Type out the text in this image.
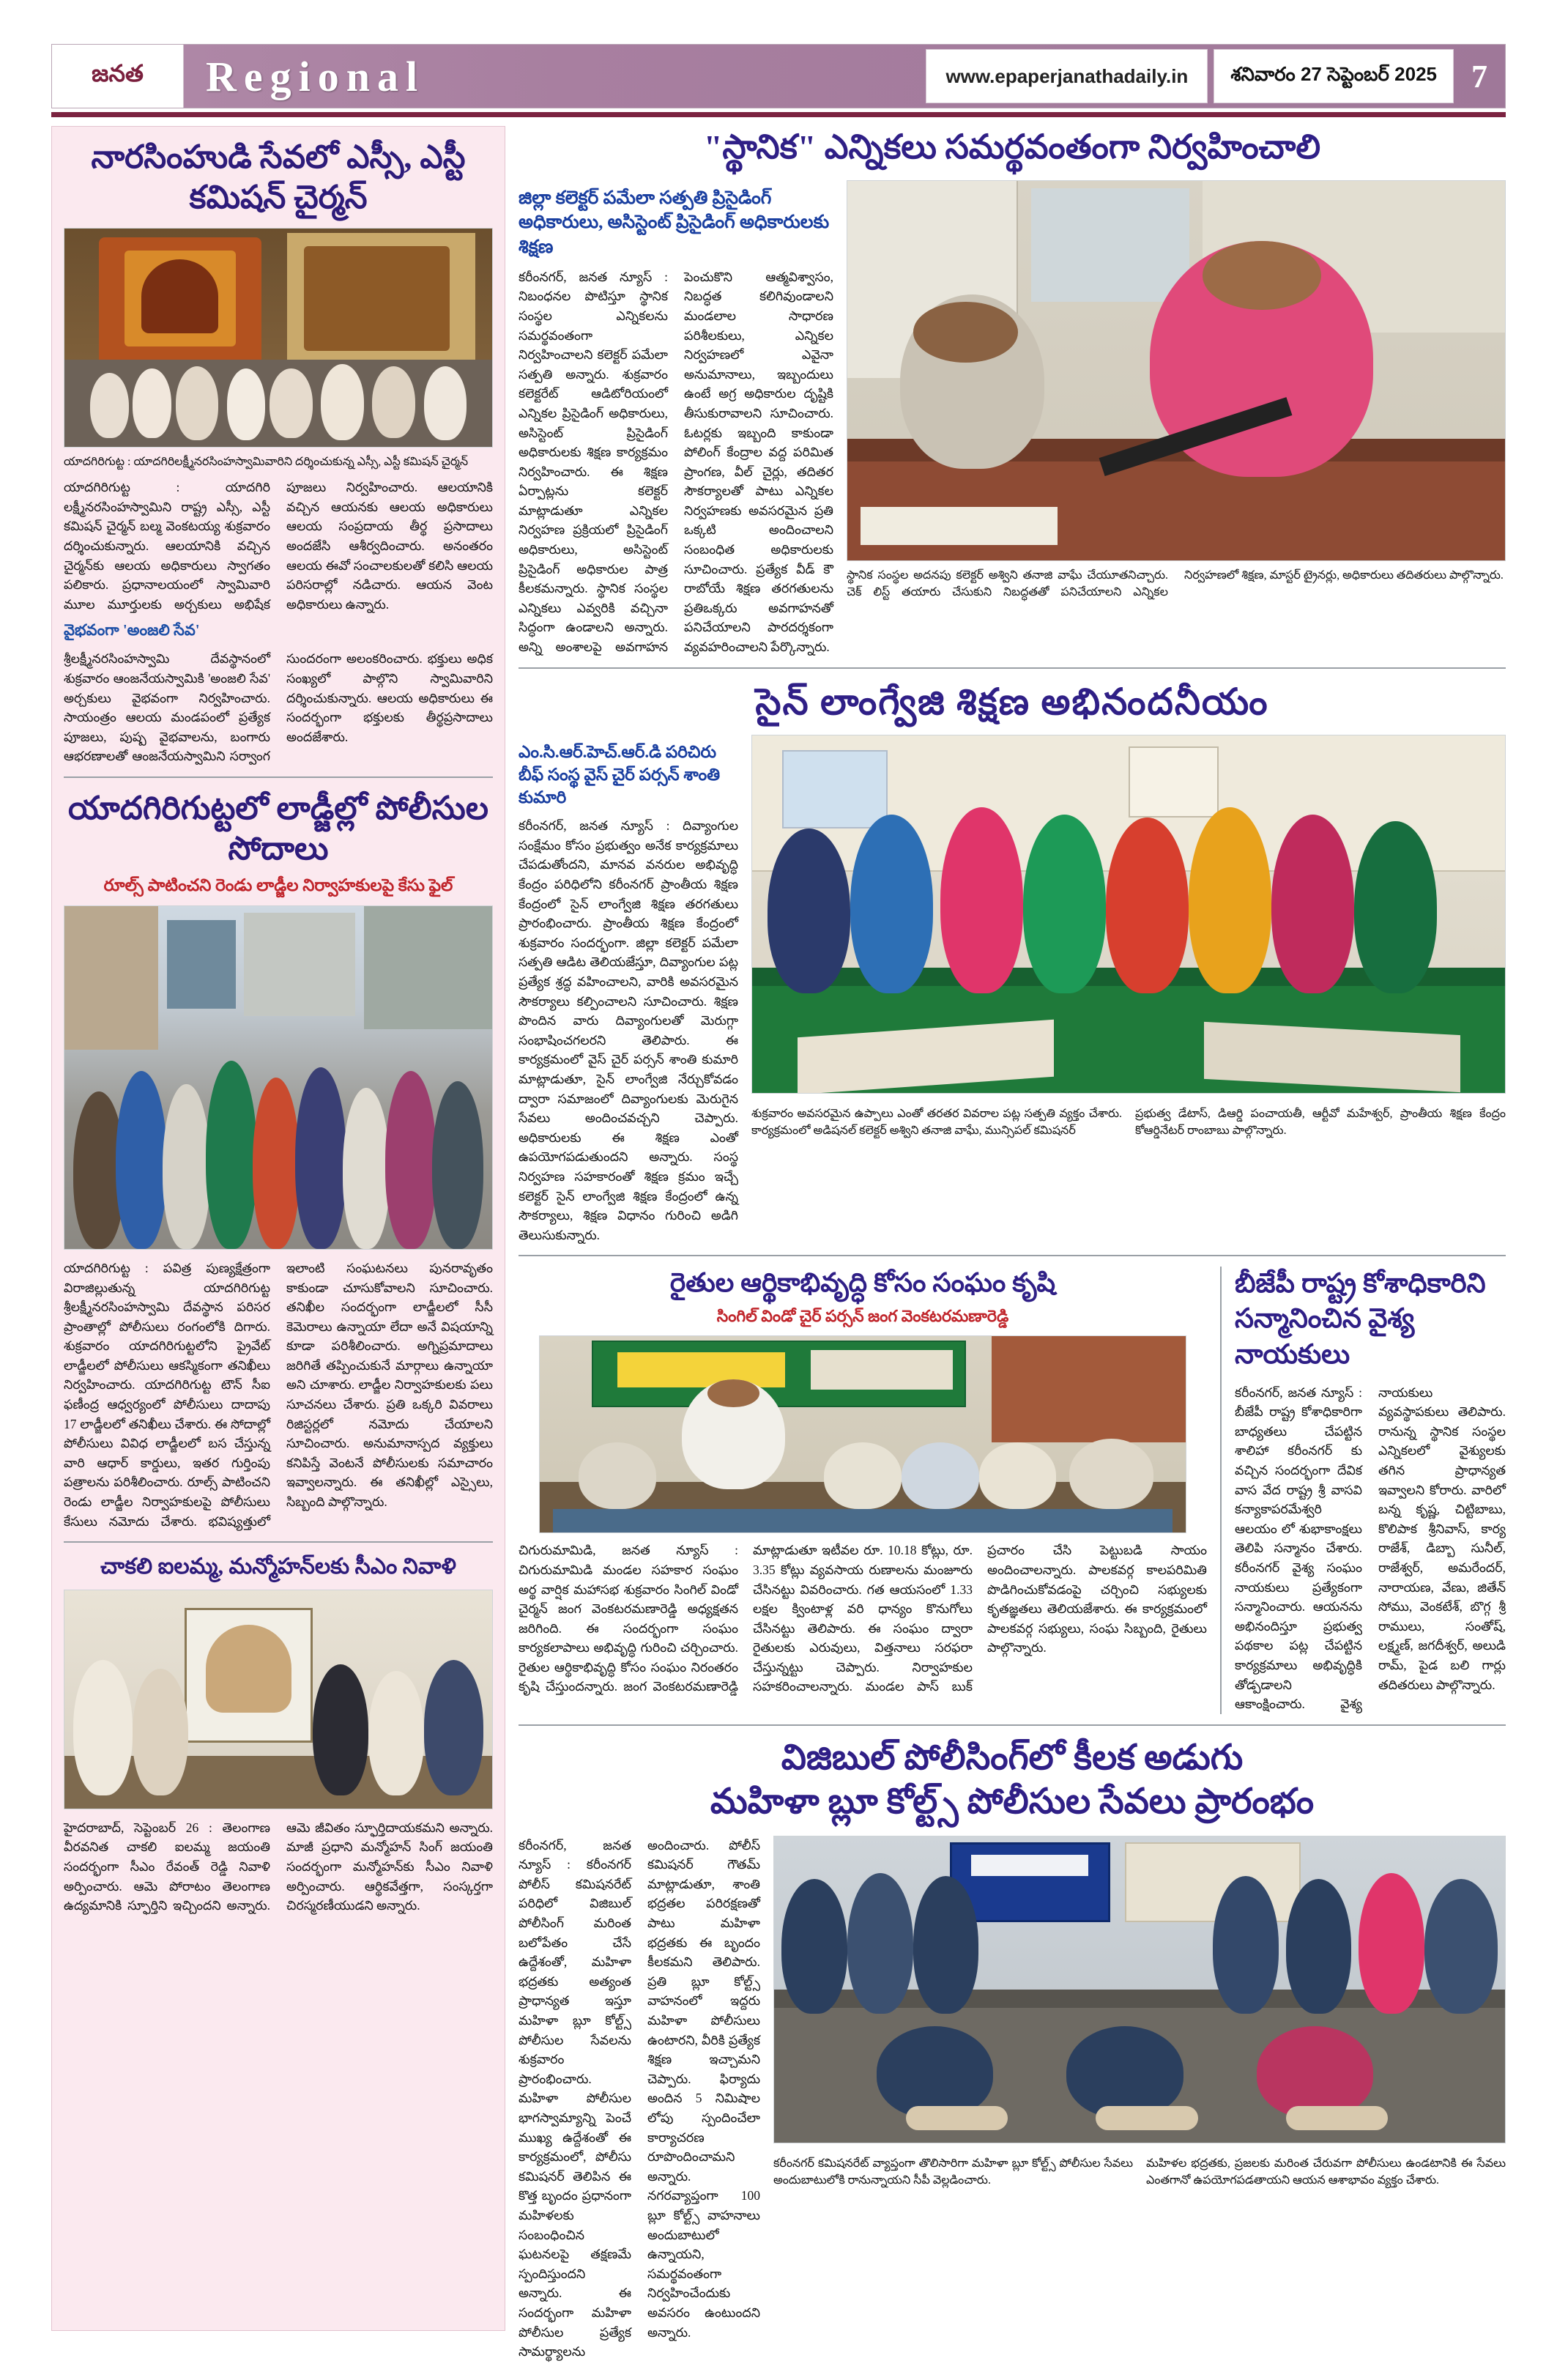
జనత Regional	www.epaperjanathadaily.in	శనివారం 27 సెప్టెంబర్ 2025	7
నారసింహుడి సేవలో ఎస్సీ, ఎస్టీ కమిషన్ చైర్మన్
యాదగిరిగుట్ట : యాదగిరిలక్ష్మీనరసింహస్వామివారిని దర్శించుకున్న ఎస్సీ, ఎస్టీ కమిషన్ చైర్మన్
యాదగిరిగుట్ట : యాదగిరి లక్ష్మీనరసింహస్వామిని రాష్ట్ర ఎస్సీ, ఎస్టీ కమిషన్ చైర్మన్ బల్మ వెంకటయ్య శుక్రవారం దర్శించుకున్నారు. ఆలయానికి వచ్చిన చైర్మన్‌కు ఆలయ అధికారులు స్వాగతం పలికారు. ప్రధానాలయంలో స్వామివారి మూల మూర్తులకు అర్చకులు అభిషేక పూజలు నిర్వహించారు. ఆలయానికి వచ్చిన ఆయనకు ఆలయ అధికారులు ఆలయ సంప్రదాయ తీర్థ ప్రసాదాలు అందజేసి ఆశీర్వదించారు. అనంతరం ఆలయ ఈవో సంచాలకులతో కలిసి ఆలయ పరిసరాల్లో నడిచారు. ఆయన వెంట అధికారులు ఉన్నారు.
వైభవంగా 'అంజలి సేవ'
శ్రీలక్ష్మీనరసింహస్వామి దేవస్థానంలో శుక్రవారం ఆంజనేయస్వామికి 'అంజలి సేవ' అర్చకులు వైభవంగా నిర్వహించారు. సాయంత్రం ఆలయ మండపంలో ప్రత్యేక పూజలు, పుష్ప వైభవాలను, బంగారు ఆభరణాలతో ఆంజనేయస్వామిని సర్వాంగ సుందరంగా అలంకరించారు. భక్తులు అధిక సంఖ్యలో పాల్గొని స్వామివారిని దర్శించుకున్నారు. ఆలయ అధికారులు ఈ సందర్భంగా భక్తులకు తీర్థప్రసాదాలు అందజేశారు.
యాదగిరిగుట్టలో లాడ్జీల్లో పోలీసుల సోదాలు
రూల్స్ పాటించని రెండు లాడ్జీల నిర్వాహకులపై కేసు ఫైల్
యాదగిరిగుట్ట : పవిత్ర పుణ్యక్షేత్రంగా విరాజిల్లుతున్న యాదగిరిగుట్ట శ్రీలక్ష్మీనరసింహస్వామి దేవస్థాన పరిసర ప్రాంతాల్లో పోలీసులు రంగంలోకి దిగారు. శుక్రవారం యాదగిరిగుట్టలోని ప్రైవేట్ లాడ్జీలలో పోలీసులు ఆకస్మికంగా తనిఖీలు నిర్వహించారు. యాదగిరిగుట్ట టౌన్ సీఐ ఫణీంద్ర ఆధ్వర్యంలో పోలీసులు దాదాపు 17 లాడ్జీలలో తనిఖీలు చేశారు. ఈ సోదాల్లో పోలీసులు వివిధ లాడ్జీలలో బస చేస్తున్న వారి ఆధార్ కార్డులు, ఇతర గుర్తింపు పత్రాలను పరిశీలించారు. రూల్స్ పాటించని రెండు లాడ్జీల నిర్వాహకులపై పోలీసులు కేసులు నమోదు చేశారు. భవిష్యత్తులో ఇలాంటి సంఘటనలు పునరావృతం కాకుండా చూసుకోవాలని సూచించారు. తనిఖీల సందర్భంగా లాడ్జీలలో సీసీ కెమెరాలు ఉన్నాయా లేదా అనే విషయాన్ని కూడా పరిశీలించారు. అగ్నిప్రమాదాలు జరిగితే తప్పించుకునే మార్గాలు ఉన్నాయా అని చూశారు. లాడ్జీల నిర్వాహకులకు పలు సూచనలు చేశారు. ప్రతి ఒక్కరి వివరాలు రిజిస్టర్లలో నమోదు చేయాలని సూచించారు. అనుమానాస్పద వ్యక్తులు కనిపిస్తే వెంటనే పోలీసులకు సమాచారం ఇవ్వాలన్నారు. ఈ తనిఖీల్లో ఎస్సైలు, సిబ్బంది పాల్గొన్నారు.
చాకలి ఐలమ్మ, మన్మోహన్‌లకు సీఎం నివాళి
హైదరాబాద్, సెప్టెంబర్ 26 : తెలంగాణ వీరవనిత చాకలి ఐలమ్మ జయంతి సందర్భంగా సీఎం రేవంత్ రెడ్డి నివాళి అర్పించారు. ఆమె పోరాటం తెలంగాణ ఉద్యమానికి స్ఫూర్తిని ఇచ్చిందని అన్నారు. ఆమె జీవితం స్ఫూర్తిదాయకమని అన్నారు. మాజీ ప్రధాని మన్మోహన్ సింగ్ జయంతి సందర్భంగా మన్మోహన్‌కు సీఎం నివాళి అర్పించారు. ఆర్థికవేత్తగా, సంస్కర్తగా చిరస్మరణీయుడని అన్నారు.
"స్థానిక" ఎన్నికలు సమర్థవంతంగా నిర్వహించాలి
జిల్లా కలెక్టర్ పమేలా సత్పతి ప్రిసైడింగ్ అధికారులు, అసిస్టెంట్ ప్రిసైడింగ్ అధికారులకు శిక్షణ
కరీంనగర్, జనత న్యూస్ : నిబంధనల పొటిస్తూ స్థానిక సంస్థల ఎన్నికలను సమర్థవంతంగా నిర్వహించాలని కలెక్టర్ పమేలా సత్పతి అన్నారు. శుక్రవారం కలెక్టరేట్ ఆడిటోరియంలో ఎన్నికల ప్రిసైడింగ్ అధికారులు, అసిస్టెంట్ ప్రిసైడింగ్ అధికారులకు శిక్షణ కార్యక్రమం నిర్వహించారు. ఈ శిక్షణ ఏర్పాట్లను కలెక్టర్ మాట్లాడుతూ ఎన్నికల నిర్వహణ ప్రక్రియలో ప్రిసైడింగ్ అధికారులు, అసిస్టెంట్ ప్రిసైడింగ్ అధికారుల పాత్ర కీలకమన్నారు. స్థానిక సంస్థల ఎన్నికలు ఎవ్వరికి వచ్చినా సిద్ధంగా ఉండాలని అన్నారు. అన్ని అంశాలపై అవగాహన పెంచుకొని ఆత్మవిశ్వాసం, నిబద్ధత కలిగివుండాలని మండలాల సాధారణ పరిశీలకులు, ఎన్నికల నిర్వహణలో ఎవైనా అనుమానాలు, ఇబ్బందులు ఉంటే అగ్ర అధికారుల దృష్టికి తీసుకురావాలని సూచించారు. ఓటర్లకు ఇబ్బంది కాకుండా పోలింగ్ కేంద్రాల వద్ద పరిమిత ప్రాంగణ, వీల్ చైర్లు, తదితర సౌకర్యాలతో పాటు ఎన్నికల నిర్వహణకు అవసరమైన ప్రతి ఒక్కటి అందించాలని సంబంధిత అధికారులకు సూచించారు. ప్రత్యేక వీడ్ కౌ రాబోయే శిక్షణ తరగతులను ప్రతిఒక్కరు అవగాహనతో పనిచేయాలని పారదర్శకంగా వ్యవహరించాలని పేర్కొన్నారు.
స్థానిక సంస్థల అదనపు కలెక్టర్ అశ్విని తనాజి వాఘే చేయూతనిచ్చారు. చెక్ లిస్ట్ తయారు చేసుకుని నిబద్ధతతో పనిచేయాలని ఎన్నికల నిర్వహణలో శిక్షణ, మాస్టర్ ట్రైనర్లు, అధికారులు తదితరులు పాల్గొన్నారు.
సైన్ లాంగ్వేజి శిక్షణ అభినందనీయం
ఎం.సి.ఆర్.హెచ్.ఆర్.డి పరిచిరు బీఫ్ సంస్థ వైస్ చైర్ పర్సన్ శాంతి కుమారి
కరీంనగర్, జనత న్యూస్ : దివ్యాంగుల సంక్షేమం కోసం ప్రభుత్వం అనేక కార్యక్రమాలు చేపడుతోందని, మానవ వనరుల అభివృద్ధి కేంద్రం పరిధిలోని కరీంనగర్ ప్రాంతీయ శిక్షణ కేంద్రంలో సైన్ లాంగ్వేజి శిక్షణ తరగతులు ప్రారంభించారు. ప్రాంతీయ శిక్షణ కేంద్రంలో శుక్రవారం సందర్భంగా. జిల్లా కలెక్టర్ పమేలా సత్పతి ఆడిట తెలియజేస్తూ, దివ్యాంగుల పట్ల ప్రత్యేక శ్రద్ధ వహించాలని, వారికి అవసరమైన సౌకర్యాలు కల్పించాలని సూచించారు. శిక్షణ పొందిన వారు దివ్యాంగులతో మెరుగ్గా సంభాషించగలరని తెలిపారు. ఈ కార్యక్రమంలో వైస్ చైర్ పర్సన్ శాంతి కుమారి మాట్లాడుతూ, సైన్ లాంగ్వేజి నేర్చుకోవడం ద్వారా సమాజంలో దివ్యాంగులకు మెరుగైన సేవలు అందించవచ్చని చెప్పారు. అధికారులకు ఈ శిక్షణ ఎంతో ఉపయోగపడుతుందని అన్నారు. సంస్థ నిర్వహణ సహకారంతో శిక్షణ క్రమం ఇచ్చే కలెక్టర్ సైన్ లాంగ్వేజి శిక్షణ కేంద్రంలో ఉన్న సౌకర్యాలు, శిక్షణ విధానం గురించి అడిగి తెలుసుకున్నారు.
శుక్రవారం అవసరమైన ఉప్పాలు ఎంతో తరతర వివరాల పట్ల సత్పతి వ్యక్తం చేశారు. కార్యక్రమంలో అడిషనల్ కలెక్టర్ అశ్విని తనాజి వాఘే, మున్సిపల్ కమిషనర్
ప్రభుత్వ డేటాస్, డిఆర్డి పంచాయతీ, ఆర్టీవో మహేశ్వర్, ప్రాంతీయ శిక్షణ కేంద్రం కోఆర్డినేటర్ రాంబాబు పాల్గొన్నారు.
రైతుల ఆర్థికాభివృద్ధి కోసం సంఘం కృషి
సింగిల్ విండో చైర్ పర్సన్ జంగ వెంకటరమణారెడ్డి
చిగురుమామిడి, జనత న్యూస్ : చిగురుమామిడి మండల సహకార సంఘం అర్థ వార్షిక మహాసభ శుక్రవారం సింగిల్ విండో చైర్మన్ జంగ వెంకటరమణారెడ్డి అధ్యక్షతన జరిగింది. ఈ సందర్భంగా సంఘం కార్యకలాపాలు అభివృద్ధి గురించి చర్చించారు. రైతుల ఆర్థికాభివృద్ధి కోసం సంఘం నిరంతరం కృషి చేస్తుందన్నారు. జంగ వెంకటరమణారెడ్డి మాట్లాడుతూ ఇటీవల రూ. 10.18 కోట్లు, రూ. 3.35 కోట్లు వ్యవసాయ రుణాలను మంజూరు చేసినట్టు వివరించారు. గత ఆయసంలో 1.33 లక్షల క్వింటాళ్ల వరి ధాన్యం కొనుగోలు చేసినట్టు తెలిపారు. ఈ సంఘం ద్వారా రైతులకు ఎరువులు, విత్తనాలు సరఫరా చేస్తున్నట్టు చెప్పారు. నిర్వాహకుల సహకరించాలన్నారు. మండల పాస్ బుక్ ప్రచారం చేసి పెట్టుబడి సాయం అందించాలన్నారు. పాలకవర్గ కాలపరిమితి పొడిగించుకోవడంపై చర్చించి సభ్యులకు కృతజ్ఞతలు తెలియజేశారు. ఈ కార్యక్రమంలో పాలకవర్గ సభ్యులు, సంఘ సిబ్బంది, రైతులు పాల్గొన్నారు.
బీజేపీ రాష్ట్ర కోశాధికారిని సన్మానించిన వైశ్య నాయకులు
కరీంనగర్, జనత న్యూస్ : బీజేపీ రాష్ట్ర కోశాధికారిగా బాధ్యతలు చేపట్టిన శాలిహా కరీంనగర్ కు వచ్చిన సందర్భంగా దేవిక వాస వేద రాష్ట్ర శ్రీ వాసవి కన్యాకాపరమేశ్వరి ఆలయం లో శుభాకాంక్షలు తెలిపి సన్మానం చేశారు. కరీంనగర్ వైశ్య సంఘం నాయకులు ప్రత్యేకంగా సన్మానించారు. ఆయనను అభినందిస్తూ ప్రభుత్వ పథకాల పట్ల చేపట్టిన కార్యక్రమాలు అభివృద్ధికి తోడ్పడాలని ఆకాంక్షించారు. వైశ్య నాయకులు వ్యవస్థాపకులు తెలిపారు. రానున్న స్థానిక సంస్థల ఎన్నికలలో వైశ్యులకు తగిన ప్రాధాన్యత ఇవ్వాలని కోరారు. వారిలో బన్న కృష్ణ, చిట్టిబాబు, కొలిపాక శ్రీనివాస్, కార్య రాజేశ్, డిబ్బా సునీల్, రాజేశ్వర్, అమరేందర్, నారాయణ, వేణు, జితేన్ సోము, వెంకటేశ్, బొగ్గ శ్రీ రాములు, సంతోష్, లక్ష్మణ్, జగదీశ్వర్, అలుడి రామ్, పైడ బలి గార్లు తదితరులు పాల్గొన్నారు.
విజిబుల్ పోలీసింగ్‌లో కీలక అడుగు
మహిళా బ్లూ కోల్ట్స్ పోలీసుల సేవలు ప్రారంభం
కరీంనగర్, జనత న్యూస్ : కరీంనగర్ పోలీస్ కమిషనరేట్ పరిధిలో విజిబుల్ పోలీసింగ్ మరింత బలోపేతం చేసే ఉద్దేశంతో, మహిళా భద్రతకు అత్యంత ప్రాధాన్యత ఇస్తూ మహిళా బ్లూ కోల్ట్స్ పోలీసుల సేవలను శుక్రవారం ప్రారంభించారు. మహిళా పోలీసుల భాగస్వామ్యాన్ని పెంచే ముఖ్య ఉద్దేశంతో ఈ కార్యక్రమంలో, పోలీసు కమిషనర్ తెలిపిన ఈ కొత్త బృందం ప్రధానంగా మహిళలకు సంబంధించిన ఘటనలపై తక్షణమే స్పందిస్తుందని అన్నారు. ఈ సందర్భంగా మహిళా పోలీసుల ప్రత్యేక సామర్థ్యాలను అందించారు. పోలీస్ కమిషనర్ గౌతమ్ మాట్లాడుతూ, శాంతి భద్రతల పరిరక్షణతో పాటు మహిళా భద్రతకు ఈ బృందం కీలకమని తెలిపారు. ప్రతి బ్లూ కోల్ట్స్ వాహనంలో ఇద్దరు మహిళా పోలీసులు ఉంటారని, వీరికి ప్రత్యేక శిక్షణ ఇచ్చామని చెప్పారు. ఫిర్యాదు అందిన 5 నిమిషాల లోపు స్పందించేలా కార్యాచరణ రూపొందించామని అన్నారు. నగరవ్యాప్తంగా 100 బ్లూ కోల్ట్స్ వాహనాలు అందుబాటులో ఉన్నాయని, సమర్థవంతంగా నిర్వహించేందుకు అవసరం ఉంటుందని అన్నారు.
కరీంనగర్ కమిషనరేట్ వ్యాప్తంగా తొలిసారిగా మహిళా బ్లూ కోల్ట్స్ పోలీసుల సేవలు అందుబాటులోకి రానున్నాయని సీపీ వెల్లడించారు.
మహిళల భద్రతకు, ప్రజలకు మరింత చేరువగా పోలీసులు ఉండటానికి ఈ సేవలు ఎంతగానో ఉపయోగపడతాయని ఆయన ఆశాభావం వ్యక్తం చేశారు.
